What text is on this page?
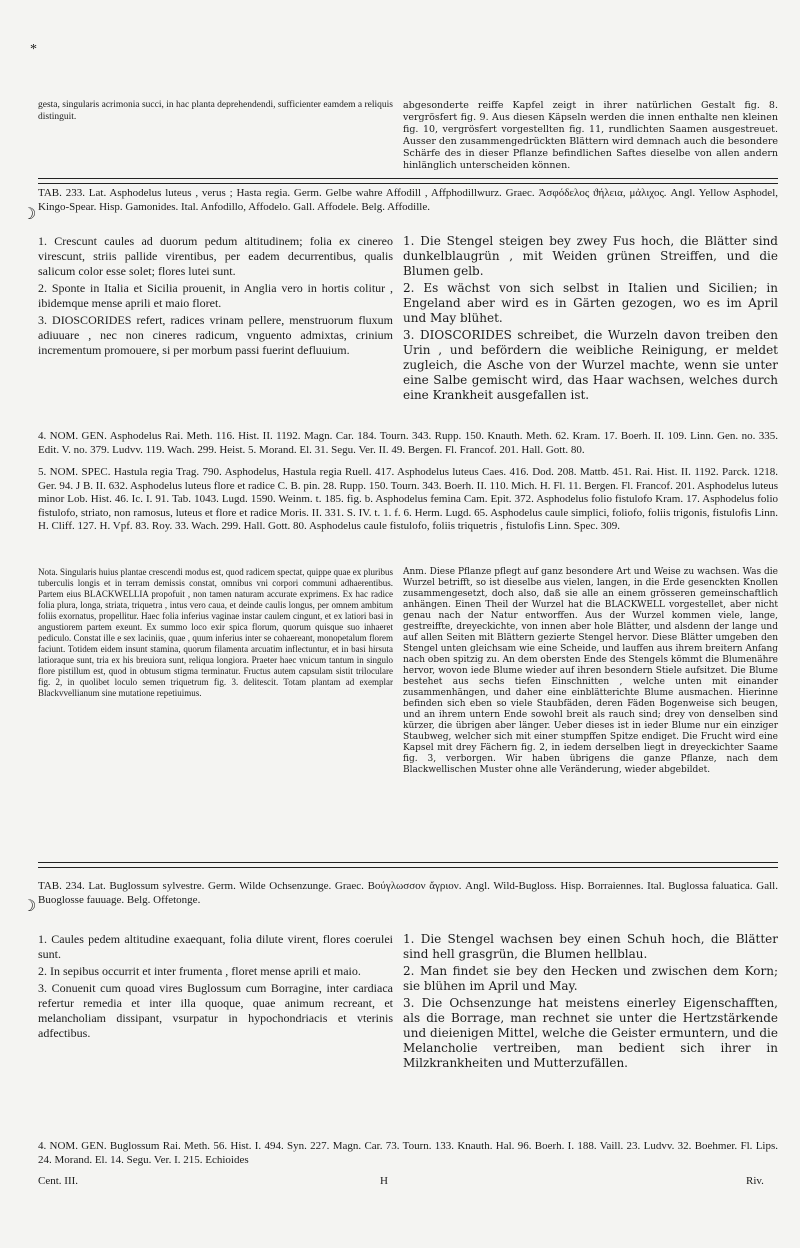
*

gesta, singularis acrimonia succi, in hac planta deprehendendi, sufficienter eamdem a reliquis distinguit.

abgesonderte reiffe Kapfel zeigt in ihrer natürlichen Gestalt fig. 8. vergrösfert fig. 9. Aus diesen Käpseln werden die innen enthalte nen kleinen fig. 10, vergrösfert vorgestellten fig. 11, rundlichten Saamen ausgestreuet. Ausser den zusammengedrückten Blättern wird demnach auch die besondere Schärfe des in dieser Pflanze befindlichen Saftes dieselbe von allen andern hinlänglich unterscheiden können.

☽

TAB. 233. Lat. Asphodelus luteus , verus ; Hasta regia. Germ. Gelbe wahre Affodill , Affphodillwurz. Graec. Ἀσφόδελος ϑήλεια, μἀλιχος. Angl. Yellow Asphodel, Kingo-Spear. Hisp. Gamonides. Ital. Anfodillo, Affodelo. Gall. Affodele. Belg. Affodille.

1. Crescunt caules ad duorum pedum altitudinem; folia ex cinereo virescunt, striis pallide virentibus, per eadem decurrentibus, qualis salicum color esse solet; flores lutei sunt.

2. Sponte in Italia et Sicilia prouenit, in Anglia vero in hortis colitur , ibidemque mense aprili et maio floret.

3. DIOSCORIDES refert, radices vrinam pellere, menstruorum fluxum adiuuare , nec non cineres radicum, vnguento admixtas, crinium incrementum promouere, si per morbum passi fuerint defluuium.

1. Die Stengel steigen bey zwey Fus hoch, die Blätter sind dunkelblaugrün , mit Weiden grünen Streiffen, und die Blumen gelb.

2. Es wächst von sich selbst in Italien und Sicilien; in Engeland aber wird es in Gärten gezogen, wo es im April und May blühet.

3. DIOSCORIDES schreibet, die Wurzeln davon treiben den Urin , und befördern die weibliche Reinigung, er meldet zugleich, die Asche von der Wurzel machte, wenn sie unter eine Salbe gemischt wird, das Haar wachsen, welches durch eine Krankheit ausgefallen ist.

4. NOM. GEN. Asphodelus Rai. Meth. 116. Hist. II. 1192. Magn. Car. 184. Tourn. 343. Rupp. 150. Knauth. Meth. 62. Kram. 17. Boerh. II. 109. Linn. Gen. no. 335. Edit. V. no. 379. Ludvv. 119. Wach. 299. Heist. 5. Morand. El. 31. Segu. Ver. II. 49. Bergen. Fl. Francof. 201. Hall. Gott. 80.

5. NOM. SPEC. Hastula regia Trag. 790. Asphodelus, Hastula regia Ruell. 417. Asphodelus luteus Caes. 416. Dod. 208. Mattb. 451. Rai. Hist. II. 1192. Parck. 1218. Ger. 94. J B. II. 632. Asphodelus luteus flore et radice C. B. pin. 28. Rupp. 150. Tourn. 343. Boerh. II. 110. Mich. H. Fl. 11. Bergen. Fl. Francof. 201. Asphodelus luteus minor Lob. Hist. 46. Ic. I. 91. Tab. 1043. Lugd. 1590. Weinm. t. 185. fig. b. Asphodelus femina Cam. Epit. 372. Asphodelus folio fistulofo Kram. 17. Asphodelus folio fistulofo, striato, non ramosus, luteus et flore et radice Moris. II. 331. S. IV. t. 1. f. 6. Herm. Lugd. 65. Asphodelus caule simplici, foliofo, foliis trigonis, fistulofis Linn. H. Cliff. 127. H. Vpf. 83. Roy. 33. Wach. 299. Hall. Gott. 80. Asphodelus caule fistulofo, foliis triquetris , fistulofis Linn. Spec. 309.

Nota. Singularis huius plantae crescendi modus est, quod radicem spectat, quippe quae ex pluribus tuberculis longis et in terram demissis constat, omnibus vni corpori communi adhaerentibus. Partem eius BLACKWELLIA propofuit , non tamen naturam accurate exprimens. Ex hac radice folia plura, longa, striata, triquetra , intus vero caua, et deinde caulis longus, per omnem ambitum foliis exornatus, propellitur. Haec folia inferius vaginae instar caulem cingunt, et ex latiori basi in angustiorem partem exeunt. Ex summo loco exir spica florum, quorum quisque suo inhaeret pediculo. Constat ille e sex laciniis, quae , quum inferius inter se cohaereant, monopetalum florem faciunt. Totidem eidem insunt stamina, quorum filamenta arcuatim inflectuntur, et in basi hirsuta latioraque sunt, tria ex his breuiora sunt, reliqua longiora. Praeter haec vnicum tantum in singulo flore pistillum est, quod in obtusum stigma terminatur. Fructus autem capsulam sistit triloculare fig. 2, in quolibet loculo semen triquetrum fig. 3. delitescit. Totam plantam ad exemplar Blackvvellianum sine mutatione repetiuimus.

Anm. Diese Pflanze pflegt auf ganz besondere Art und Weise zu wachsen. Was die Wurzel betrifft, so ist dieselbe aus vielen, langen, in die Erde gesenckten Knollen zusammengesetzt, doch also, daß sie alle an einem grösseren gemeinschaftlich anhängen. Einen Theil der Wurzel hat die BLACKWELL vorgestellet, aber nicht genau nach der Natur entworffen. Aus der Wurzel kommen viele, lange, gestreiffte, dreyeckichte, von innen aber hole Blätter, und alsdenn der lange und auf allen Seiten mit Blättern gezierte Stengel hervor. Diese Blätter umgeben den Stengel unten gleichsam wie eine Scheide, und lauffen aus ihrem breitern Anfang nach oben spitzig zu. An dem obersten Ende des Stengels kömmt die Blumenähre hervor, wovon iede Blume wieder auf ihren besondern Stiele aufsitzet. Die Blume bestehet aus sechs tiefen Einschnitten , welche unten mit einander zusammenhängen, und daher eine einblätterichte Blume ausmachen. Hierinne befinden sich eben so viele Staubfäden, deren Fäden Bogenweise sich beugen, und an ihrem untern Ende sowohl breit als rauch sind; drey von denselben sind kürzer, die übrigen aber länger. Ueber dieses ist in ieder Blume nur ein einziger Staubweg, welcher sich mit einer stumpffen Spitze endiget. Die Frucht wird eine Kapsel mit drey Fächern fig. 2, in iedem derselben liegt in dreyeckichter Saame fig. 3, verborgen. Wir haben übrigens die ganze Pflanze, nach dem Blackwellischen Muster ohne alle Veränderung, wieder abgebildet.

☽

TAB. 234. Lat. Buglossum sylvestre. Germ. Wilde Ochsenzunge. Graec. Βούγλωσσον ἄγριον. Angl. Wild-Bugloss. Hisp. Borraiennes. Ital. Buglossa faluatica. Gall. Buoglosse fauuage. Belg. Offetonge.

1. Caules pedem altitudine exaequant, folia dilute virent, flores coerulei sunt.

2. In sepibus occurrit et inter frumenta , floret mense aprili et maio.

3. Conuenit cum quoad vires Buglossum cum Borragine, inter cardiaca refertur remedia et inter illa quoque, quae animum recreant, et melancholiam dissipant, vsurpatur in hypochondriacis et vterinis adfectibus.

1. Die Stengel wachsen bey einen Schuh hoch, die Blätter sind hell grasgrün, die Blumen hellblau.

2. Man findet sie bey den Hecken und zwischen dem Korn; sie blühen im April und May.

3. Die Ochsenzunge hat meistens einerley Eigenschafften, als die Borrage, man rechnet sie unter die Hertzstärkende und dieienigen Mittel, welche die Geister ermuntern, und die Melancholie vertreiben, man bedient sich ihrer in Milzkrankheiten und Mutterzufällen.

4. NOM. GEN. Buglossum Rai. Meth. 56. Hist. I. 494. Syn. 227. Magn. Car. 73. Tourn. 133. Knauth. Hal. 96. Boerh. I. 188. Vaill. 23. Ludvv. 32. Boehmer. Fl. Lips. 24. Morand. El. 14. Segu. Ver. I. 215. Echioides

Cent. III.	H	Riv.
